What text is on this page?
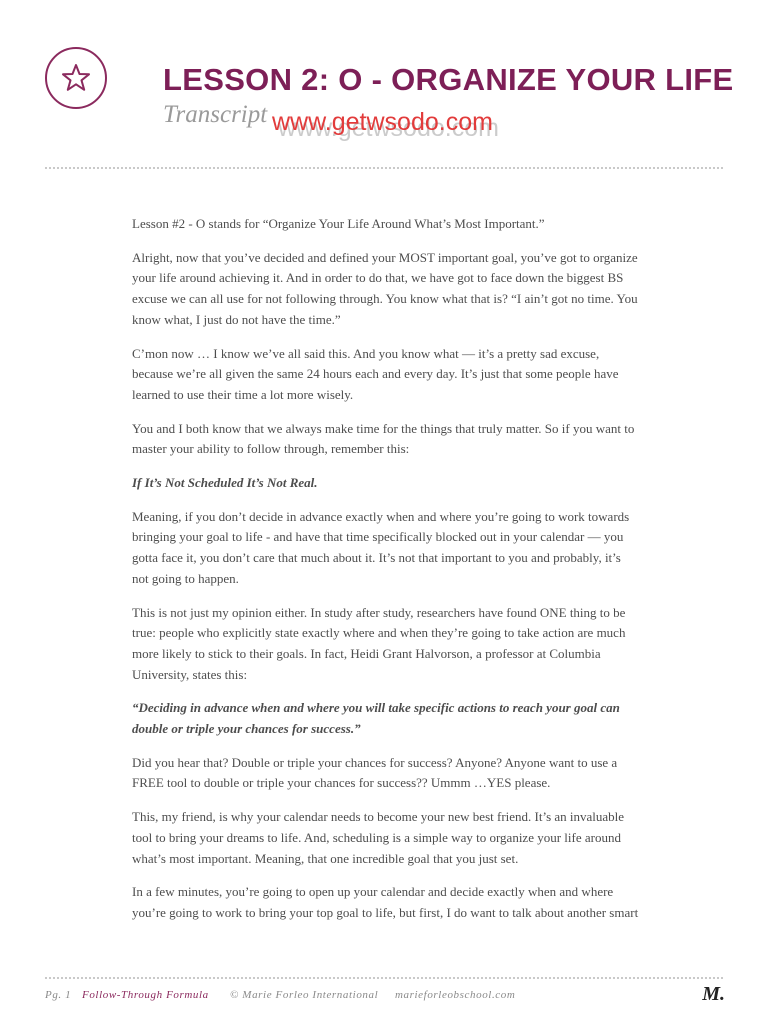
LESSON 2: O - ORGANIZE YOUR LIFE
Transcript www.getwsodo.com

Lesson #2 - O stands for “Organize Your Life Around What’s Most Important.”

Alright, now that you’ve decided and defined your MOST important goal, you’ve got to organize your life around achieving it. And in order to do that, we have got to face down the biggest BS excuse we can all use for not following through. You know what that is? “I ain’t got no time. You know what, I just do not have the time.”

C’mon now … I know we’ve all said this. And you know what — it’s a pretty sad excuse, because we’re all given the same 24 hours each and every day. It’s just that some people have learned to use their time a lot more wisely.

You and I both know that we always make time for the things that truly matter. So if you want to master your ability to follow through, remember this:

If It’s Not Scheduled It’s Not Real.

Meaning, if you don’t decide in advance exactly when and where you’re going to work towards bringing your goal to life - and have that time specifically blocked out in your calendar — you gotta face it, you don’t care that much about it. It’s not that important to you and probably, it’s not going to happen.

This is not just my opinion either. In study after study, researchers have found ONE thing to be true: people who explicitly state exactly where and when they’re going to take action are much more likely to stick to their goals. In fact, Heidi Grant Halvorson, a professor at Columbia University, states this:

“Deciding in advance when and where you will take specific actions to reach your goal can double or triple your chances for success.”

Did you hear that? Double or triple your chances for success? Anyone? Anyone want to use a FREE tool to double or triple your chances for success?? Ummm …YES please.

This, my friend, is why your calendar needs to become your new best friend. It’s an invaluable tool to bring your dreams to life. And, scheduling is a simple way to organize your life around what’s most important. Meaning, that one incredible goal that you just set.

In a few minutes, you’re going to open up your calendar and decide exactly when and where you’re going to work to bring your top goal to life, but first, I do want to talk about another smart

Pg. 1 Follow-Through Formula © Marie Forleo International marieforleobschool.com	M.
